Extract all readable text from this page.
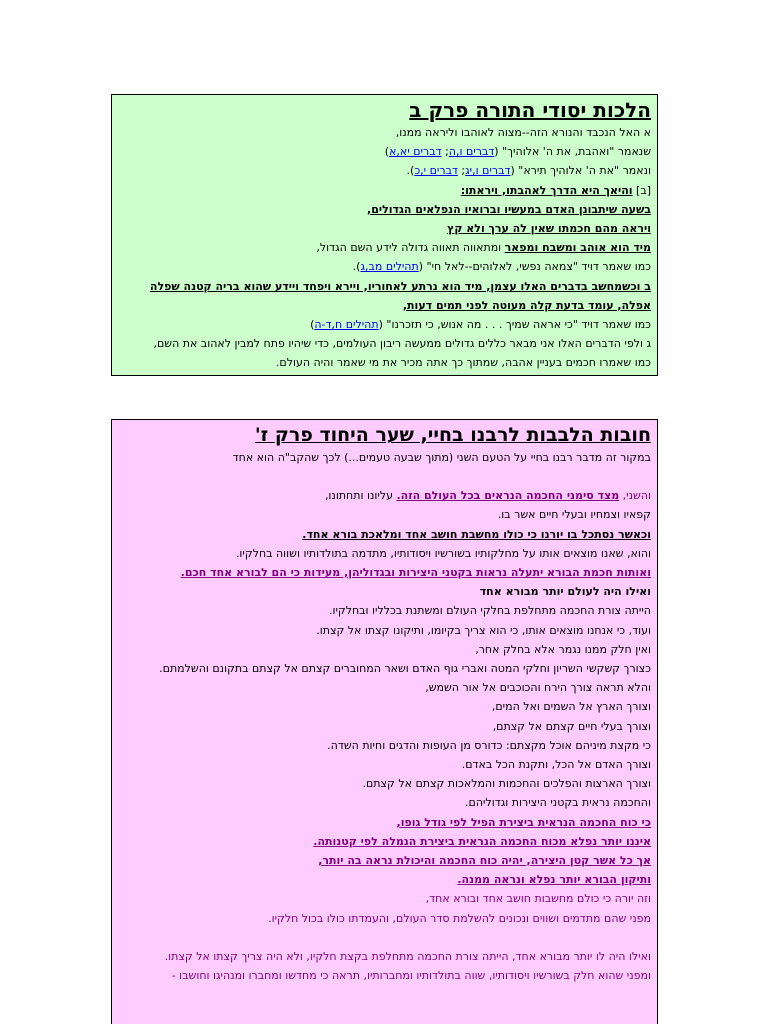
הלכות יסודי התורה פרק ב
א האל הנכבד והנורא הזה--מצוה לאוהבו וליראה ממנו,
שנאמר "ואהבת, את ה' אלוהיך" (דברים ו,ה; דברים יא,א)
ונאמר "את ה' אלוהיך תירא" (דברים ו,יג; דברים י,כ).
[ב] והיאך היא הדרך לאהבתו, ויראתו:
בשעה שיתבונן האדם במעשיו וברואיו הנפלאים הגדולים,
ויראה מהם חכמתו שאין לה ערך ולא קץ
מיד הוא אוהב ומשבח ומפאר ומתאווה תאווה גדולה לידע השם הגדול,
כמו שאמר דויד "צמאה נפשי, לאלוהים--לאל חי" (תהילים מב,ג).
ב וכשמחשב בדברים האלו עצמן, מיד הוא נרתע לאחוריו, ויירא ויפחד ויידע שהוא בריה קטנה שפלה
אפלה, עומד בדעת קלה מעוטה לפני תמים דעות,
כמו שאמר דויד "כי אראה שמיך . . . מה אנוש, כי תזכרנו" (תהילים ח,ד-ה)
ג ולפי הדברים האלו אני מבאר כללים גדולים ממעשה ריבון העולמים, כדי שיהיו פתח למבין לאהוב את השם,
כמו שאמרו חכמים בעניין אהבה, שמתוך כך אתה מכיר את מי שאמר והיה העולם.
חובות הלבבות לרבנו בחיי, שער היחוד פרק ז'
במקור זה מדבר רבנו בחיי על הטעם השני (מתוך שבעה טעמים...) לכך שהקב"ה הוא אחד
והשני, מצד סימני החכמה הנראים בכל העולם הזה. עליונו ותחתונו,
קפאיו וצמחיו ובעלי חיים אשר בו.
וכאשר נסתכל בו יורנו כי כולו מחשבת חושב אחד ומלאכת בורא אחד.
והוא, שאנו מוצאים אותו על מחלקותיו בשורשיו ויסודותיו, מתדמה בתולדותיו ושווה בחלקיו.
ואותות חכמת הבורא יתעלה נראות בקטני היצירות ובגדוליהן, מעידות כי הם לבורא אחד חכם.
ואילו היה לעולם יותר מבורא אחד
הייתה צורת החכמה מתחלפת בחלקי העולם ומשתנת בכלליו ובחלקיו.
ועוד, כי אנחנו מוצאים אותו, כי הוא צריך בקיומו, ותיקונו קצתו אל קצתו.
ואין חלק ממנו נגמר אלא בחלק אחר,
כצורך קשקשי השריון וחלקי המטה ואברי גוף האדם ושאר המחוברים קצתם אל קצתם בתקונם והשלמתם.
והלא תראה צורך הירח והכוכבים אל אור השמש,
וצורך הארץ אל השמים ואל המים,
וצורך בעלי חיים קצתם אל קצתם,
כי מקצת מיניהם אוכל מקצתם: כדורס מן העופות והדגים וחיות השדה.
וצורך האדם אל הכל, ותקנת הכל באדם.
וצורך הארצות והפלכים והחכמות והמלאכות קצתם אל קצתם.
והחכמה נראית בקטני היצירות וגדוליהם.
כי כוח החכמה הנראית ביצירת הפיל לפי גודל גופו,
איננו יותר נפלא מכוח החכמה הנראית ביצירת הנמלה לפי קטנותה.
אך כל אשר קטן היצירה, יהיה כוח החכמה והיכולת נראה בה יותר,
ותיקון הבורא יותר נפלא ונראה ממנה.
וזה יורה כי כולם מחשבות חושב אחד ובורא אחד,
מפני שהם מתדמים ושווים ונכונים להשלמת סדר העולם, והעמדתו כולו בכול חלקיו.
ואילו היה לו יותר מבורא אחד, הייתה צורת החכמה מתחלפת בקצת חלקיו, ולא היה צריך קצתו אל קצתו.
ומפני שהוא חלק בשורשיו ויסודותיו, שווה בתולדותיו ומחברותיו, תראה כי מחדשו ומחברו ומנהיגו וחושבו -
